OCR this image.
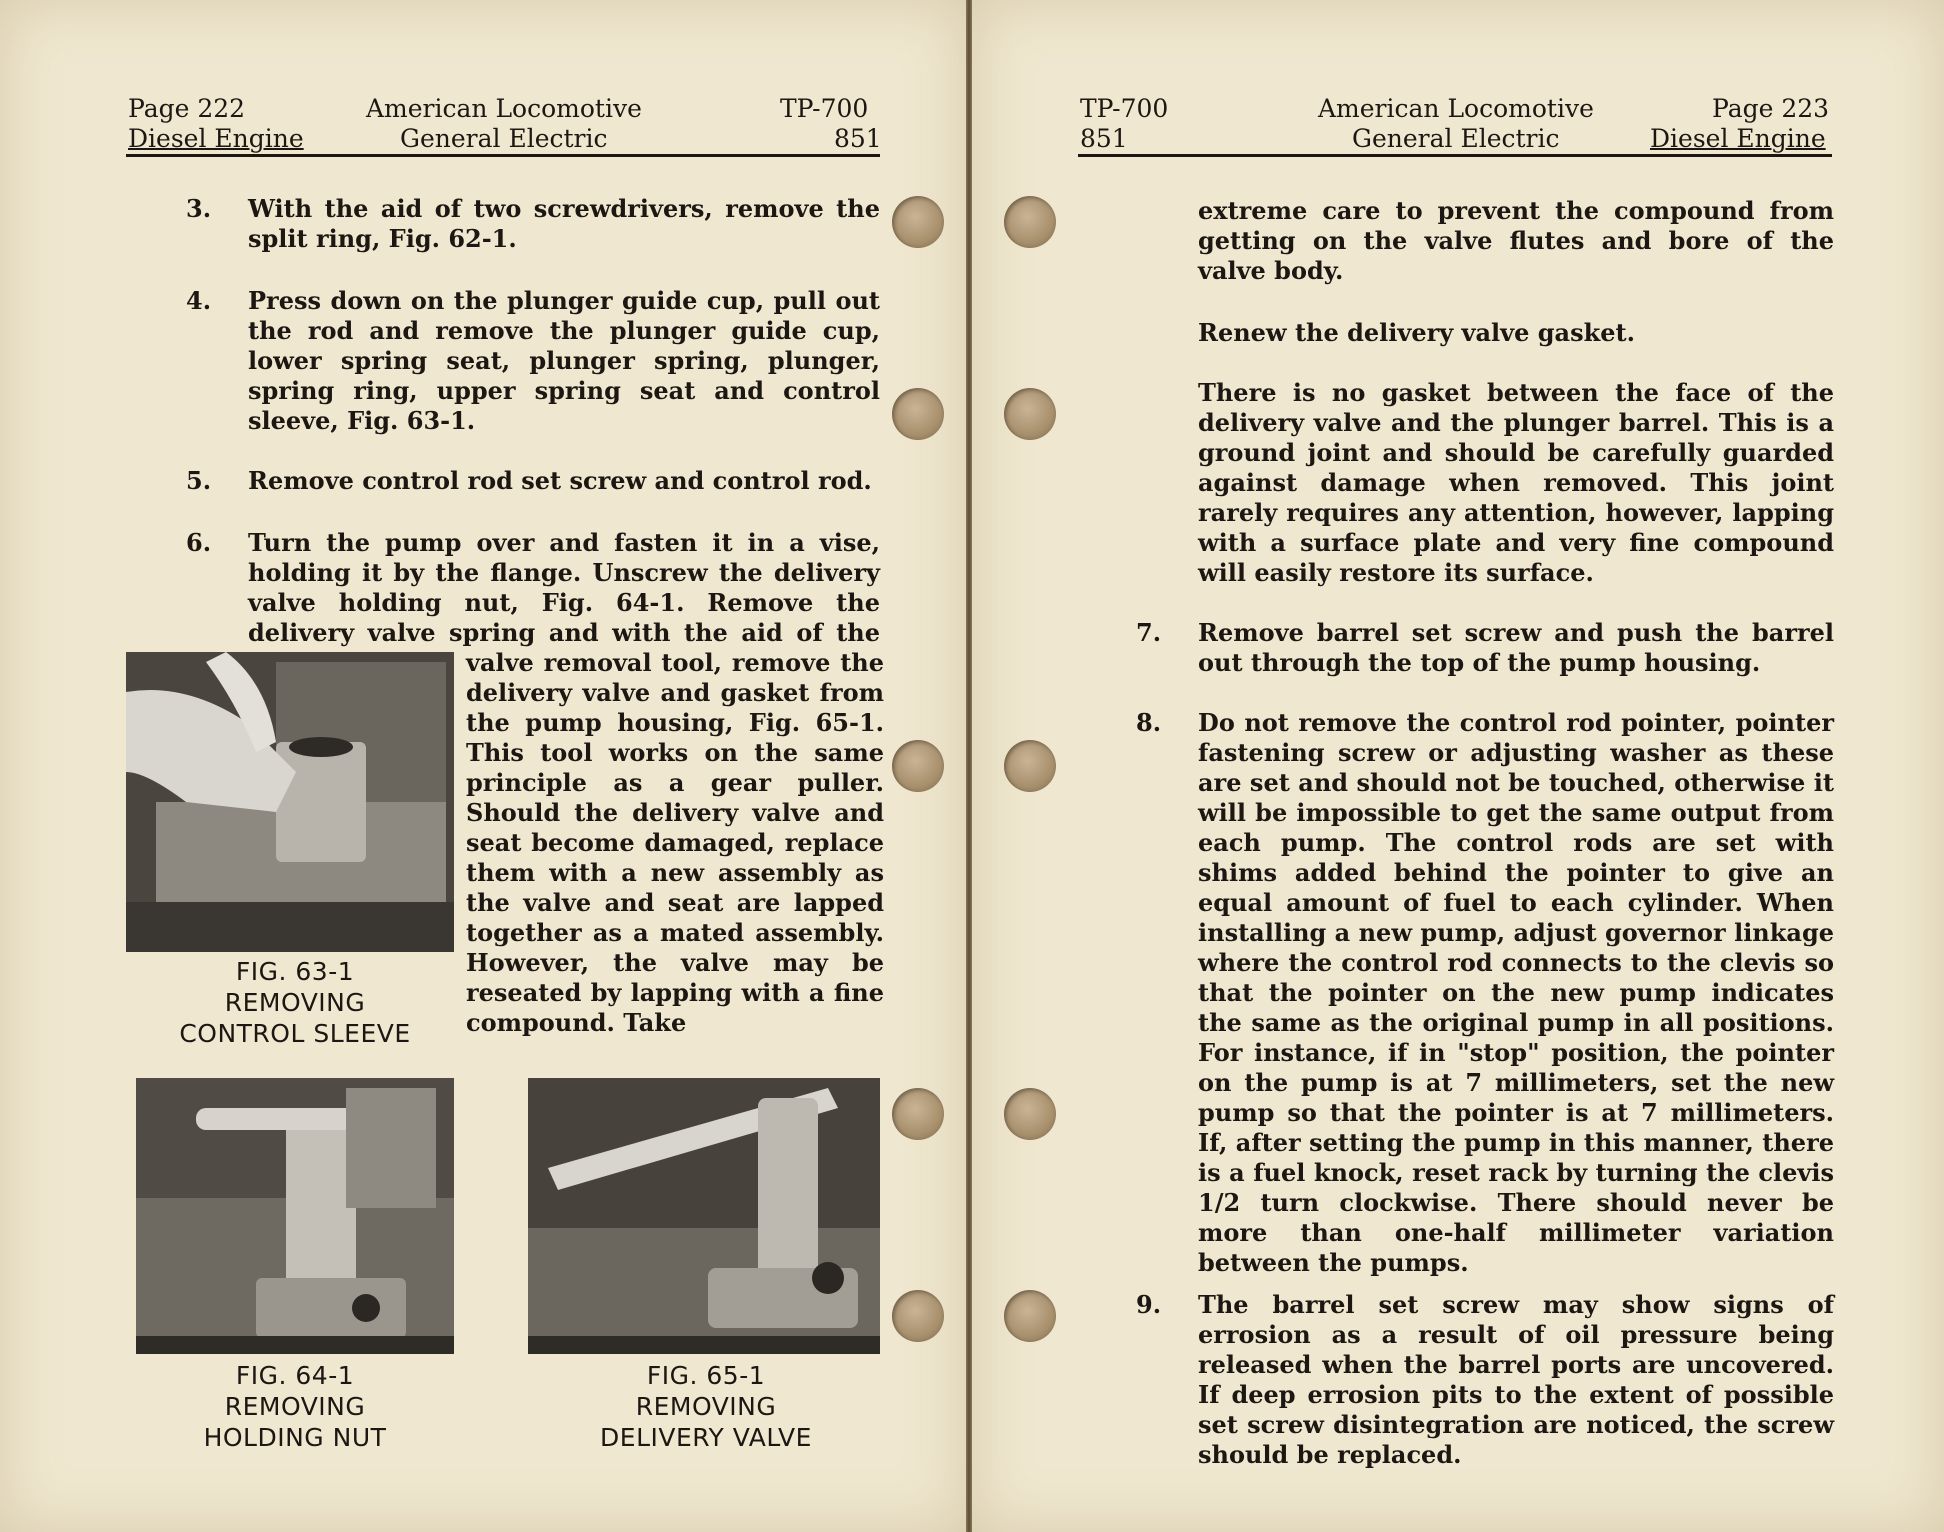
Page 222
Diesel Engine
American Locomotive
General Electric
TP-700
851
3. With the aid of two screwdrivers, remove the split ring, Fig. 62-1.

4. Press down on the plunger guide cup, pull out the rod and remove the plunger guide cup, lower spring seat, plunger spring, plunger, spring ring, upper spring seat and control sleeve, Fig. 63-1.

5. Remove control rod set screw and control rod.

6. Turn the pump over and fasten it in a vise, holding it by the flange. Unscrew the delivery valve holding nut, Fig. 64-1. Remove the delivery valve spring and with the aid of the

valve removal tool, remove the delivery valve and gasket from the pump housing, Fig. 65-1. This tool works on the same principle as a gear puller. Should the delivery valve and seat become damaged, replace them with a new assembly as the valve and seat are lapped together as a mated assembly. However, the valve may be reseated by lapping with a fine compound. Take

FIG. 63-1
REMOVING
CONTROL SLEEVE
FIG. 64-1
REMOVING
HOLDING NUT
FIG. 65-1
REMOVING
DELIVERY VALVE
TP-700
851
American Locomotive
General Electric
Page 223
Diesel Engine

extreme care to prevent the compound from getting on the valve flutes and bore of the valve body.

Renew the delivery valve gasket.

There is no gasket between the face of the delivery valve and the plunger barrel. This is a ground joint and should be carefully guarded against damage when removed. This joint rarely requires any attention, however, lapping with a surface plate and very fine compound will easily restore its surface.

7. Remove barrel set screw and push the barrel out through the top of the pump housing.

8. Do not remove the control rod pointer, pointer fastening screw or adjusting washer as these are set and should not be touched, otherwise it will be impossible to get the same output from each pump. The control rods are set with shims added behind the pointer to give an equal amount of fuel to each cylinder. When installing a new pump, adjust governor linkage where the control rod connects to the clevis so that the pointer on the new pump indicates the same as the original pump in all positions. For instance, if in "stop" position, the pointer on the pump is at 7 millimeters, set the new pump so that the pointer is at 7 millimeters. If, after setting the pump in this manner, there is a fuel knock, reset rack by turning the clevis 1/2 turn clockwise. There should never be more than one-half millimeter variation between the pumps.

9. The barrel set screw may show signs of errosion as a result of oil pressure being released when the barrel ports are uncovered. If deep errosion pits to the extent of possible set screw disintegration are noticed, the screw should be replaced.
